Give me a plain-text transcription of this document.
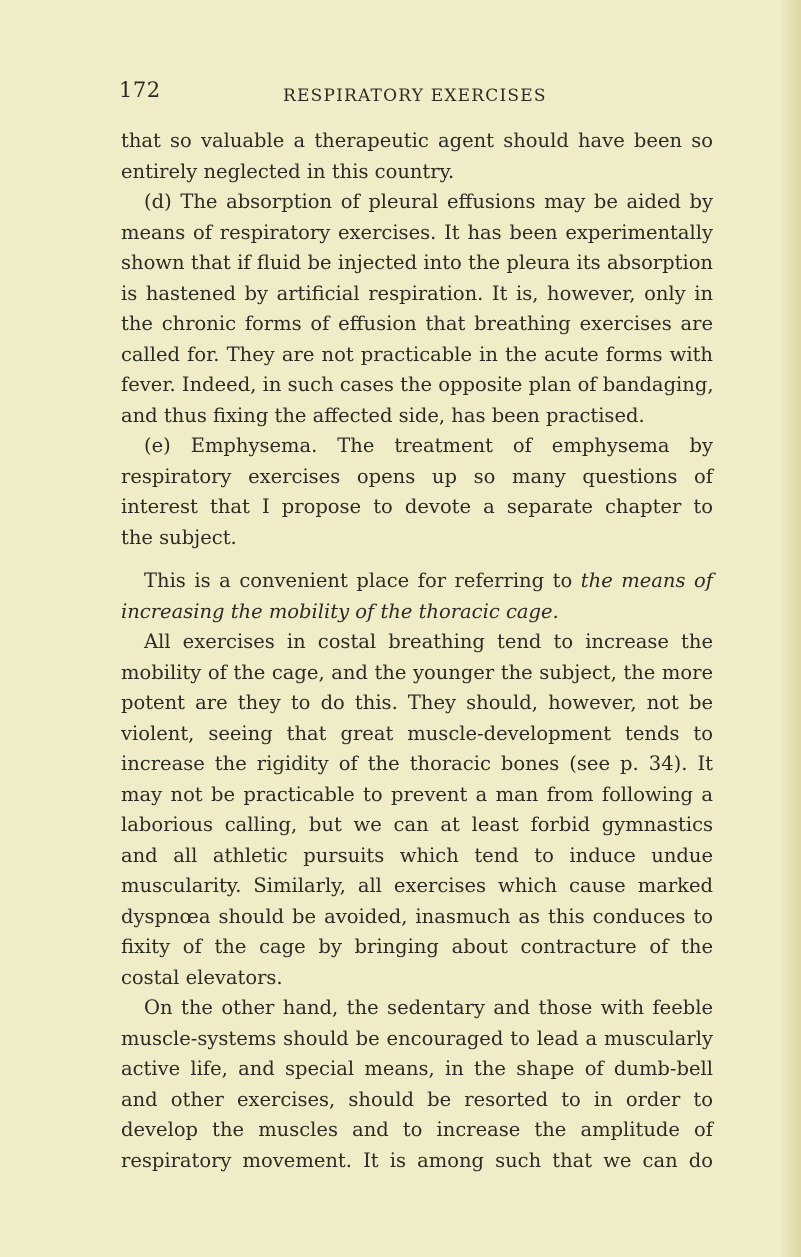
172	RESPIRATORY EXERCISES
that so valuable a therapeutic agent should have been so
entirely neglected in this country.
(d) The absorption of pleural effusions may be aided by
means of respiratory exercises. It has been experimentally
shown that if fluid be injected into the pleura its absorption
is hastened by artificial respiration. It is, however, only in
the chronic forms of effusion that breathing exercises are
called for. They are not practicable in the acute forms with
fever. Indeed, in such cases the opposite plan of bandaging,
and thus fixing the affected side, has been practised.
(e) Emphysema. The treatment of emphysema by
respiratory exercises opens up so many questions of
interest that I propose to devote a separate chapter to
the subject.
This is a convenient place for referring to the means of
increasing the mobility of the thoracic cage.
All exercises in costal breathing tend to increase the
mobility of the cage, and the younger the subject, the more
potent are they to do this. They should, however, not be
violent, seeing that great muscle-development tends to
increase the rigidity of the thoracic bones (see p. 34). It
may not be practicable to prevent a man from following a
laborious calling, but we can at least forbid gymnastics
and all athletic pursuits which tend to induce undue
muscularity. Similarly, all exercises which cause marked
dyspnœa should be avoided, inasmuch as this conduces to
fixity of the cage by bringing about contracture of the
costal elevators.
On the other hand, the sedentary and those with feeble
muscle-systems should be encouraged to lead a muscularly
active life, and special means, in the shape of dumb-bell
and other exercises, should be resorted to in order to
develop the muscles and to increase the amplitude of
respiratory movement. It is among such that we can do
